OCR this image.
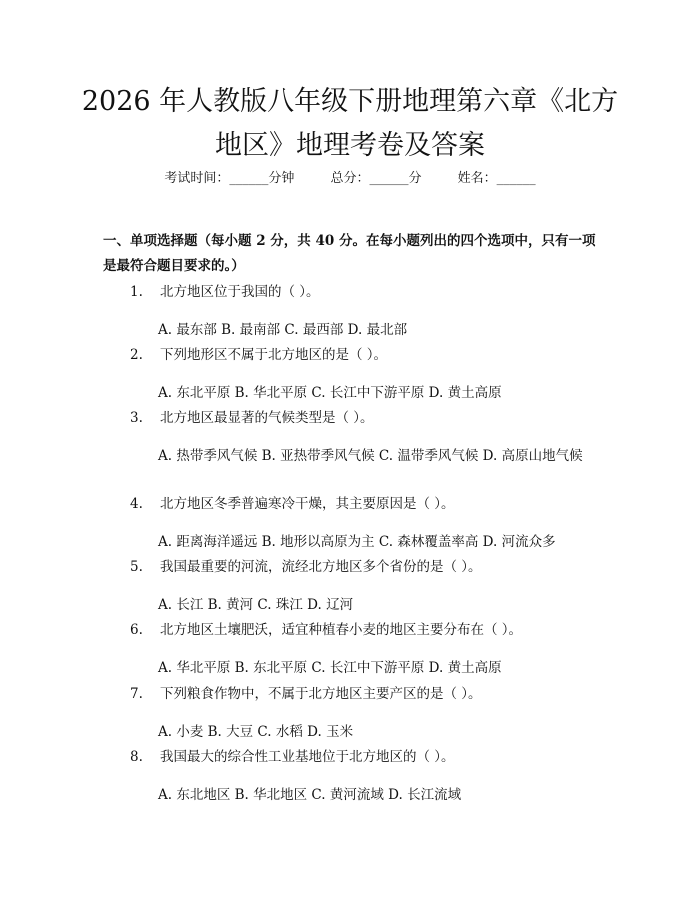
2026 年人教版八年级下册地理第六章《北方
地区》地理考卷及答案
考试时间：______分钟	总分：______分	姓名：______

一、单项选择题（每小题 2 分，共 40 分。在每小题列出的四个选项中，只有一项是最符合题目要求的。）

1. 北方地区位于我国的（ ）。
A. 最东部 B. 最南部 C. 最西部 D. 最北部
2. 下列地形区不属于北方地区的是（ ）。
A. 东北平原 B. 华北平原 C. 长江中下游平原 D. 黄土高原
3. 北方地区最显著的气候类型是（ ）。
A. 热带季风气候 B. 亚热带季风气候 C. 温带季风气候 D. 高原山地气候
4. 北方地区冬季普遍寒冷干燥，其主要原因是（ ）。
A. 距离海洋遥远 B. 地形以高原为主 C. 森林覆盖率高 D. 河流众多
5. 我国最重要的河流，流经北方地区多个省份的是（ ）。
A. 长江 B. 黄河 C. 珠江 D. 辽河
6. 北方地区土壤肥沃，适宜种植春小麦的地区主要分布在（ ）。
A. 华北平原 B. 东北平原 C. 长江中下游平原 D. 黄土高原
7. 下列粮食作物中，不属于北方地区主要产区的是（ ）。
A. 小麦 B. 大豆 C. 水稻 D. 玉米
8. 我国最大的综合性工业基地位于北方地区的（ ）。
A. 东北地区 B. 华北地区 C. 黄河流域 D. 长江流域
